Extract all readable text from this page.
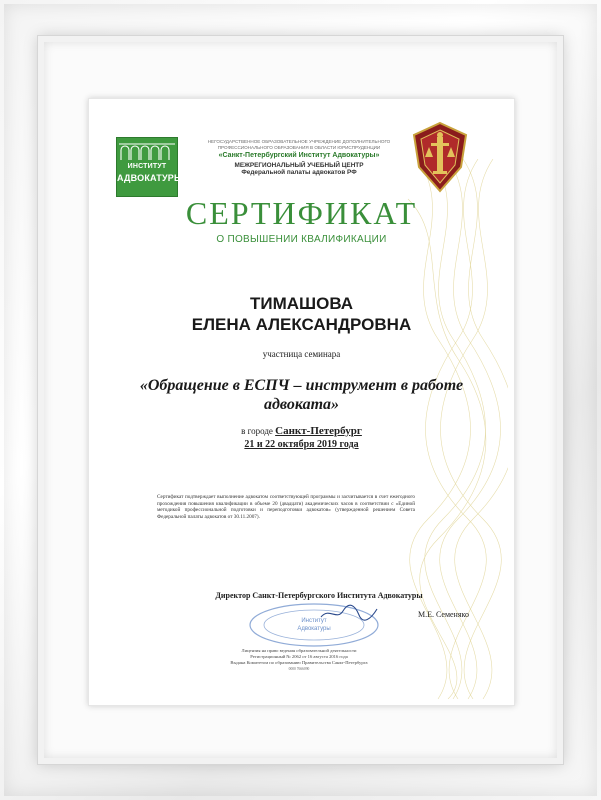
ИНСТИТУТ
АДВОКАТУРЫ
НЕГОСУДАРСТВЕННОЕ ОБРАЗОВАТЕЛЬНОЕ УЧРЕЖДЕНИЕ ДОПОЛНИТЕЛЬНОГО
ПРОФЕССИОНАЛЬНОГО ОБРАЗОВАНИЯ В ОБЛАСТИ ЮРИСПРУДЕНЦИИ
«Санкт-Петербургский Институт Адвокатуры»
МЕЖРЕГИОНАЛЬНЫЙ УЧЕБНЫЙ ЦЕНТР
Федеральной палаты адвокатов РФ
СЕРТИФИКАТ
О ПОВЫШЕНИИ КВАЛИФИКАЦИИ
ТИМАШОВА
ЕЛЕНА АЛЕКСАНДРОВНА
участница семинара
«Обращение в ЕСПЧ – инструмент в работе адвоката»
в городе Санкт-Петербург
21 и 22 октября 2019 года
Сертификат подтверждает выполнение адвокатом соответствующей программы и засчитывается в счет ежегодного прохождения повышения квалификации в объеме 20 (двадцати) академических часов в соответствии с «Единой методикой профессиональной подготовки и переподготовки адвокатов» (утвержденной решением Совета Федеральной палаты адвокатов от 30.11.2007).
Директор Санкт-Петербургского Института Адвокатуры
Институт
Адвокатуры
М.Е. Семеняко
Лицензия на право ведения образовательной деятельности
Регистрационный № 2062 от 16 августа 2016 года
Выдана Комитетом по образованию Правительства Санкт-Петербурга
0000 7666090
